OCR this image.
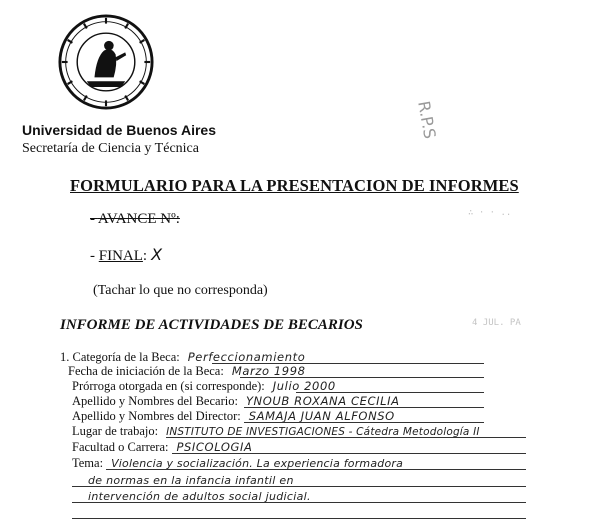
Universidad de Buenos Aires
Secretaría de Ciencia y Técnica
R.P.S
∴ · · ..
4 JUL. PA
FORMULARIO PARA LA PRESENTACION DE INFORMES
- AVANCE Nº:
- FINAL: X
(Tachar lo que no corresponda)
INFORME DE ACTIVIDADES DE BECARIOS
1. Categoría de la Beca: Perfeccionamiento
Fecha de iniciación de la Beca: Marzo 1998
Prórroga otorgada en (si corresponde): Julio 2000
Apellido y Nombres del Becario: YNOUB ROXANA CECILIA
Apellido y Nombres del Director: SAMAJA JUAN ALFONSO
Lugar de trabajo: INSTITUTO DE INVESTIGACIONES - Cátedra Metodología II
Facultad o Carrera: PSICOLOGIA
Tema: Violencia y socialización. La experiencia formadora
de normas en la infancia infantil en
intervención de adultos social judicial.
